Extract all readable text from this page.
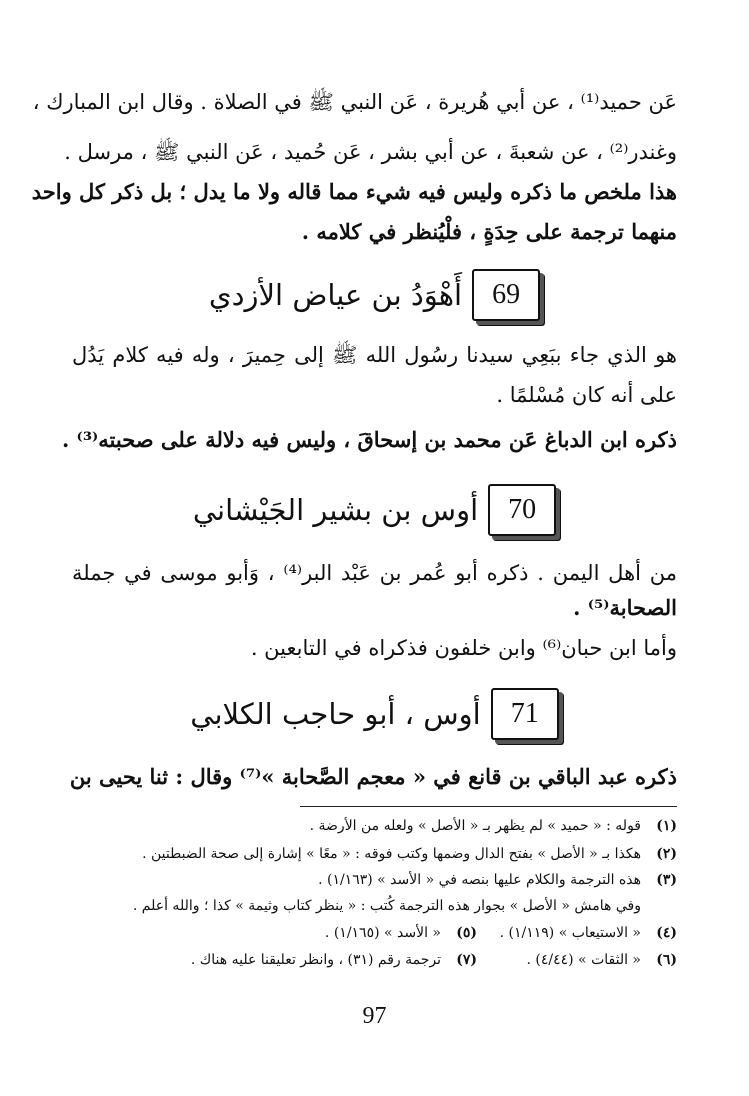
عَن حميد⁽¹⁾ ، عن أبي هُريرة ، عَن النبي ﷺ في الصلاة . وقال ابن المبارك ،
وغندر⁽²⁾ ، عن شعبةَ ، عن أبي بشر ، عَن حُميد ، عَن النبي ﷺ ، مرسل .
هذا ملخص ما ذكره وليس فيه شيء مما قاله ولا ما يدل ؛ بل ذكر كل واحد
منهما ترجمة على حِدَةٍ ، فلْيُنظر في كلامه .
69
أَهْوَدُ بن عياض الأزدي
هو الذي جاء ببَعِي سيدنا رسُول الله ﷺ إلى حِميرَ ، وله فيه كلام يَدُل
على أنه كان مُسْلمًا .
ذكره ابن الدباغ عَن محمد بن إسحاقَ ، وليس فيه دلالة على صحبته⁽³⁾ .
70
أوس بن بشير الجَيْشاني
من أهل اليمن . ذكره أبو عُمر بن عَبْد البر⁽⁴⁾ ، وَأبو موسى في جملة
الصحابة⁽⁵⁾ .
وأما ابن حبان⁽⁶⁾ وابن خلفون فذكراه في التابعين .
71
أوس ، أبو حاجب الكلابي
ذكره عبد الباقي بن قانع في « معجم الصَّحابة »⁽⁷⁾ وقال : ثنا يحيى بن
(١)قوله : « حميد » لم يظهر بـ « الأصل » ولعله من الأرضة .
(٢)هكذا بـ « الأصل » بفتح الدال وضمها وكتب فوقه : « معًا » إشارة إلى صحة الضبطتين .
(٣)هذه الترجمة والكلام عليها بنصه في « الأسد » (١/١٦٣) .
وفي هامش « الأصل » بجوار هذه الترجمة كُتب : « ينظر كتاب وثيمة » كذا ؛ والله أعلم .
(٤)« الاستيعاب » (١/١١٩) .
(٥)« الأسد » (١/١٦٥) .
(٦)« الثقات » (٤/٤٤) .
(٧)ترجمة رقم (٣١) ، وانظر تعليقنا عليه هناك .
97
